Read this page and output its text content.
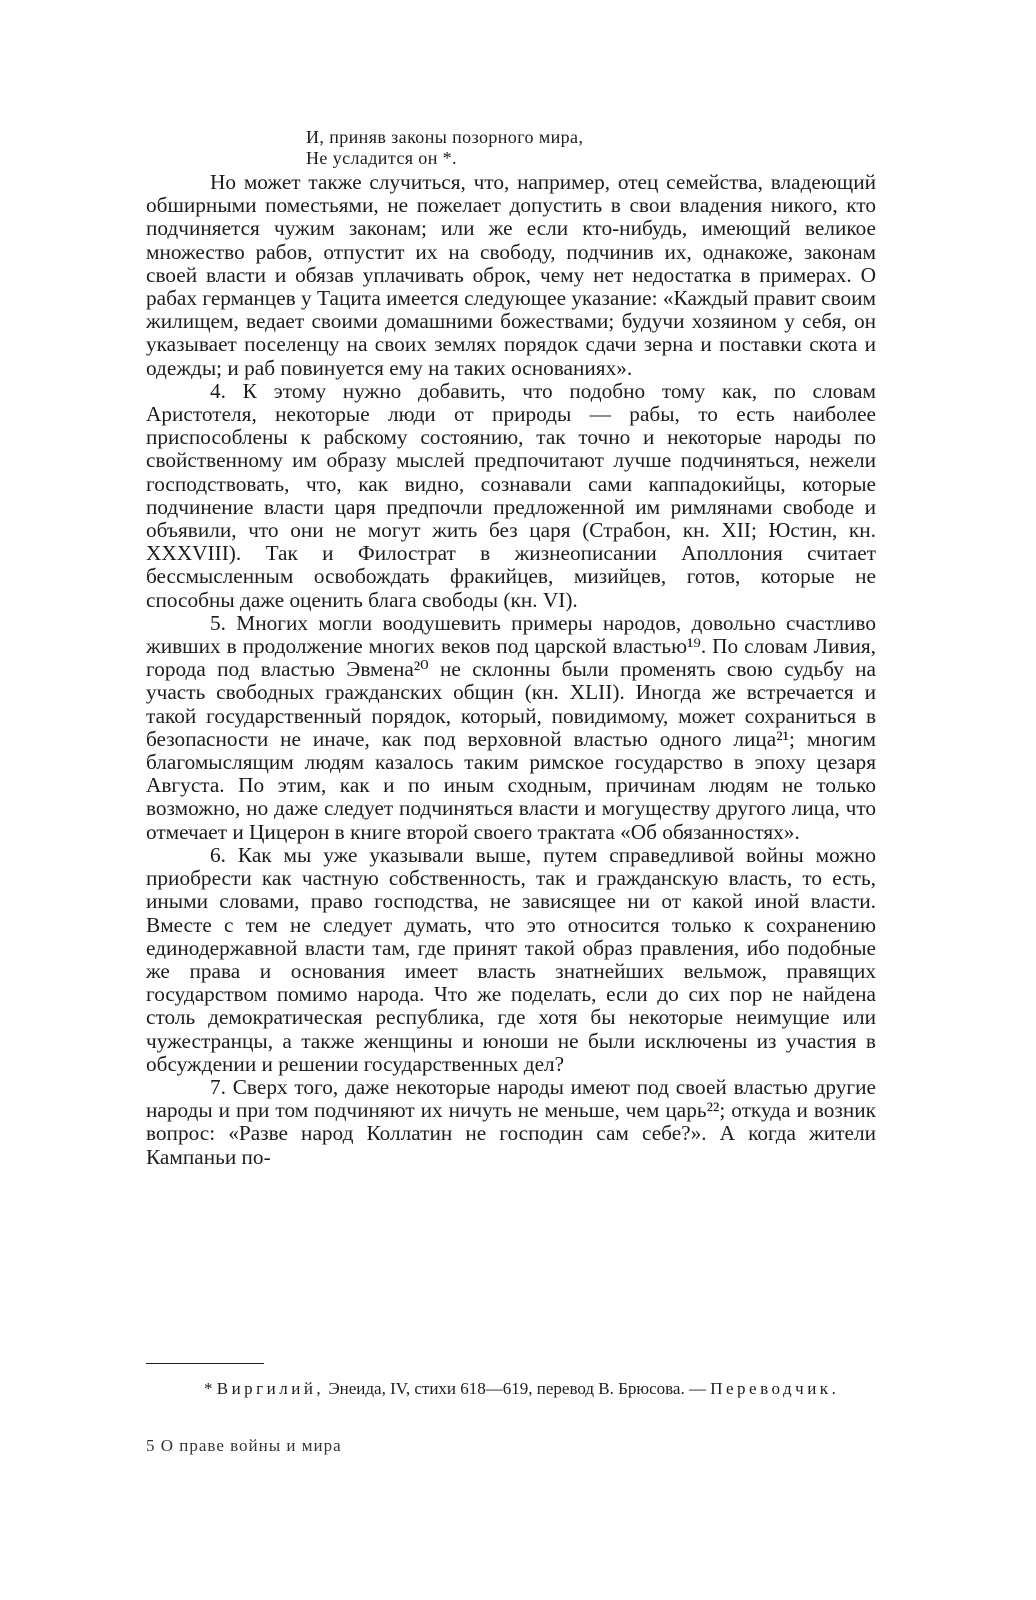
И, приняв законы позорного мира,
Не усладится он *.

Но может также случиться, что, например, отец семейства, владеющий обширными поместьями, не пожелает допустить в свои владения никого, кто подчиняется чужим законам; или же если кто-нибудь, имеющий великое множество рабов, отпустит их на свободу, подчинив их, однакоже, законам своей власти и обязав уплачивать оброк, чему нет недостатка в примерах. О рабах германцев у Тацита имеется следующее указание: «Каждый правит своим жилищем, ведает своими домашними божествами; будучи хозяином у себя, он указывает поселенцу на своих землях порядок сдачи зерна и поставки скота и одежды; и раб повинуется ему на таких основаниях».

4. К этому нужно добавить, что подобно тому как, по словам Аристотеля, некоторые люди от природы — рабы, то есть наиболее приспособлены к рабскому состоянию, так точно и некоторые народы по свойственному им образу мыслей предпочитают лучше подчиняться, нежели господствовать, что, как видно, сознавали сами каппадокийцы, которые подчинение власти царя предпочли предложенной им римлянами свободе и объявили, что они не могут жить без царя (Страбон, кн. XII; Юстин, кн. XXXVIII). Так и Филострат в жизнеописании Аполлония считает бессмысленным освобождать фракийцев, мизийцев, готов, которые не способны даже оценить блага свободы (кн. VI).

5. Многих могли воодушевить примеры народов, довольно счастливо живших в продолжение многих веков под царской властью¹⁹. По словам Ливия, города под властью Эвмена²⁰ не склонны были променять свою судьбу на участь свободных гражданских общин (кн. XLII). Иногда же встречается и такой государственный порядок, который, повидимому, может сохраниться в безопасности не иначе, как под верховной властью одного лица²¹; многим благомыслящим людям казалось таким римское государство в эпоху цезаря Августа. По этим, как и по иным сходным, причинам людям не только возможно, но даже следует подчиняться власти и могуществу другого лица, что отмечает и Цицерон в книге второй своего трактата «Об обязанностях».

6. Как мы уже указывали выше, путем справедливой войны можно приобрести как частную собственность, так и гражданскую власть, то есть, иными словами, право господства, не зависящее ни от какой иной власти. Вместе с тем не следует думать, что это относится только к сохранению единодержавной власти там, где принят такой образ правления, ибо подобные же права и основания имеет власть знатнейших вельмож, правящих государством помимо народа. Что же поделать, если до сих пор не найдена столь демократическая республика, где хотя бы некоторые неимущие или чужестранцы, а также женщины и юноши не были исключены из участия в обсуждении и решении государственных дел?

7. Сверх того, даже некоторые народы имеют под своей властью другие народы и при том подчиняют их ничуть не меньше, чем царь²²; откуда и возник вопрос: «Разве народ Коллатин не господин сам себе?». А когда жители Кампаньи по-

* Виргилий, Энеида, IV, стихи 618—619, перевод В. Брюсова. — Переводчик.
5 О праве войны и мира
